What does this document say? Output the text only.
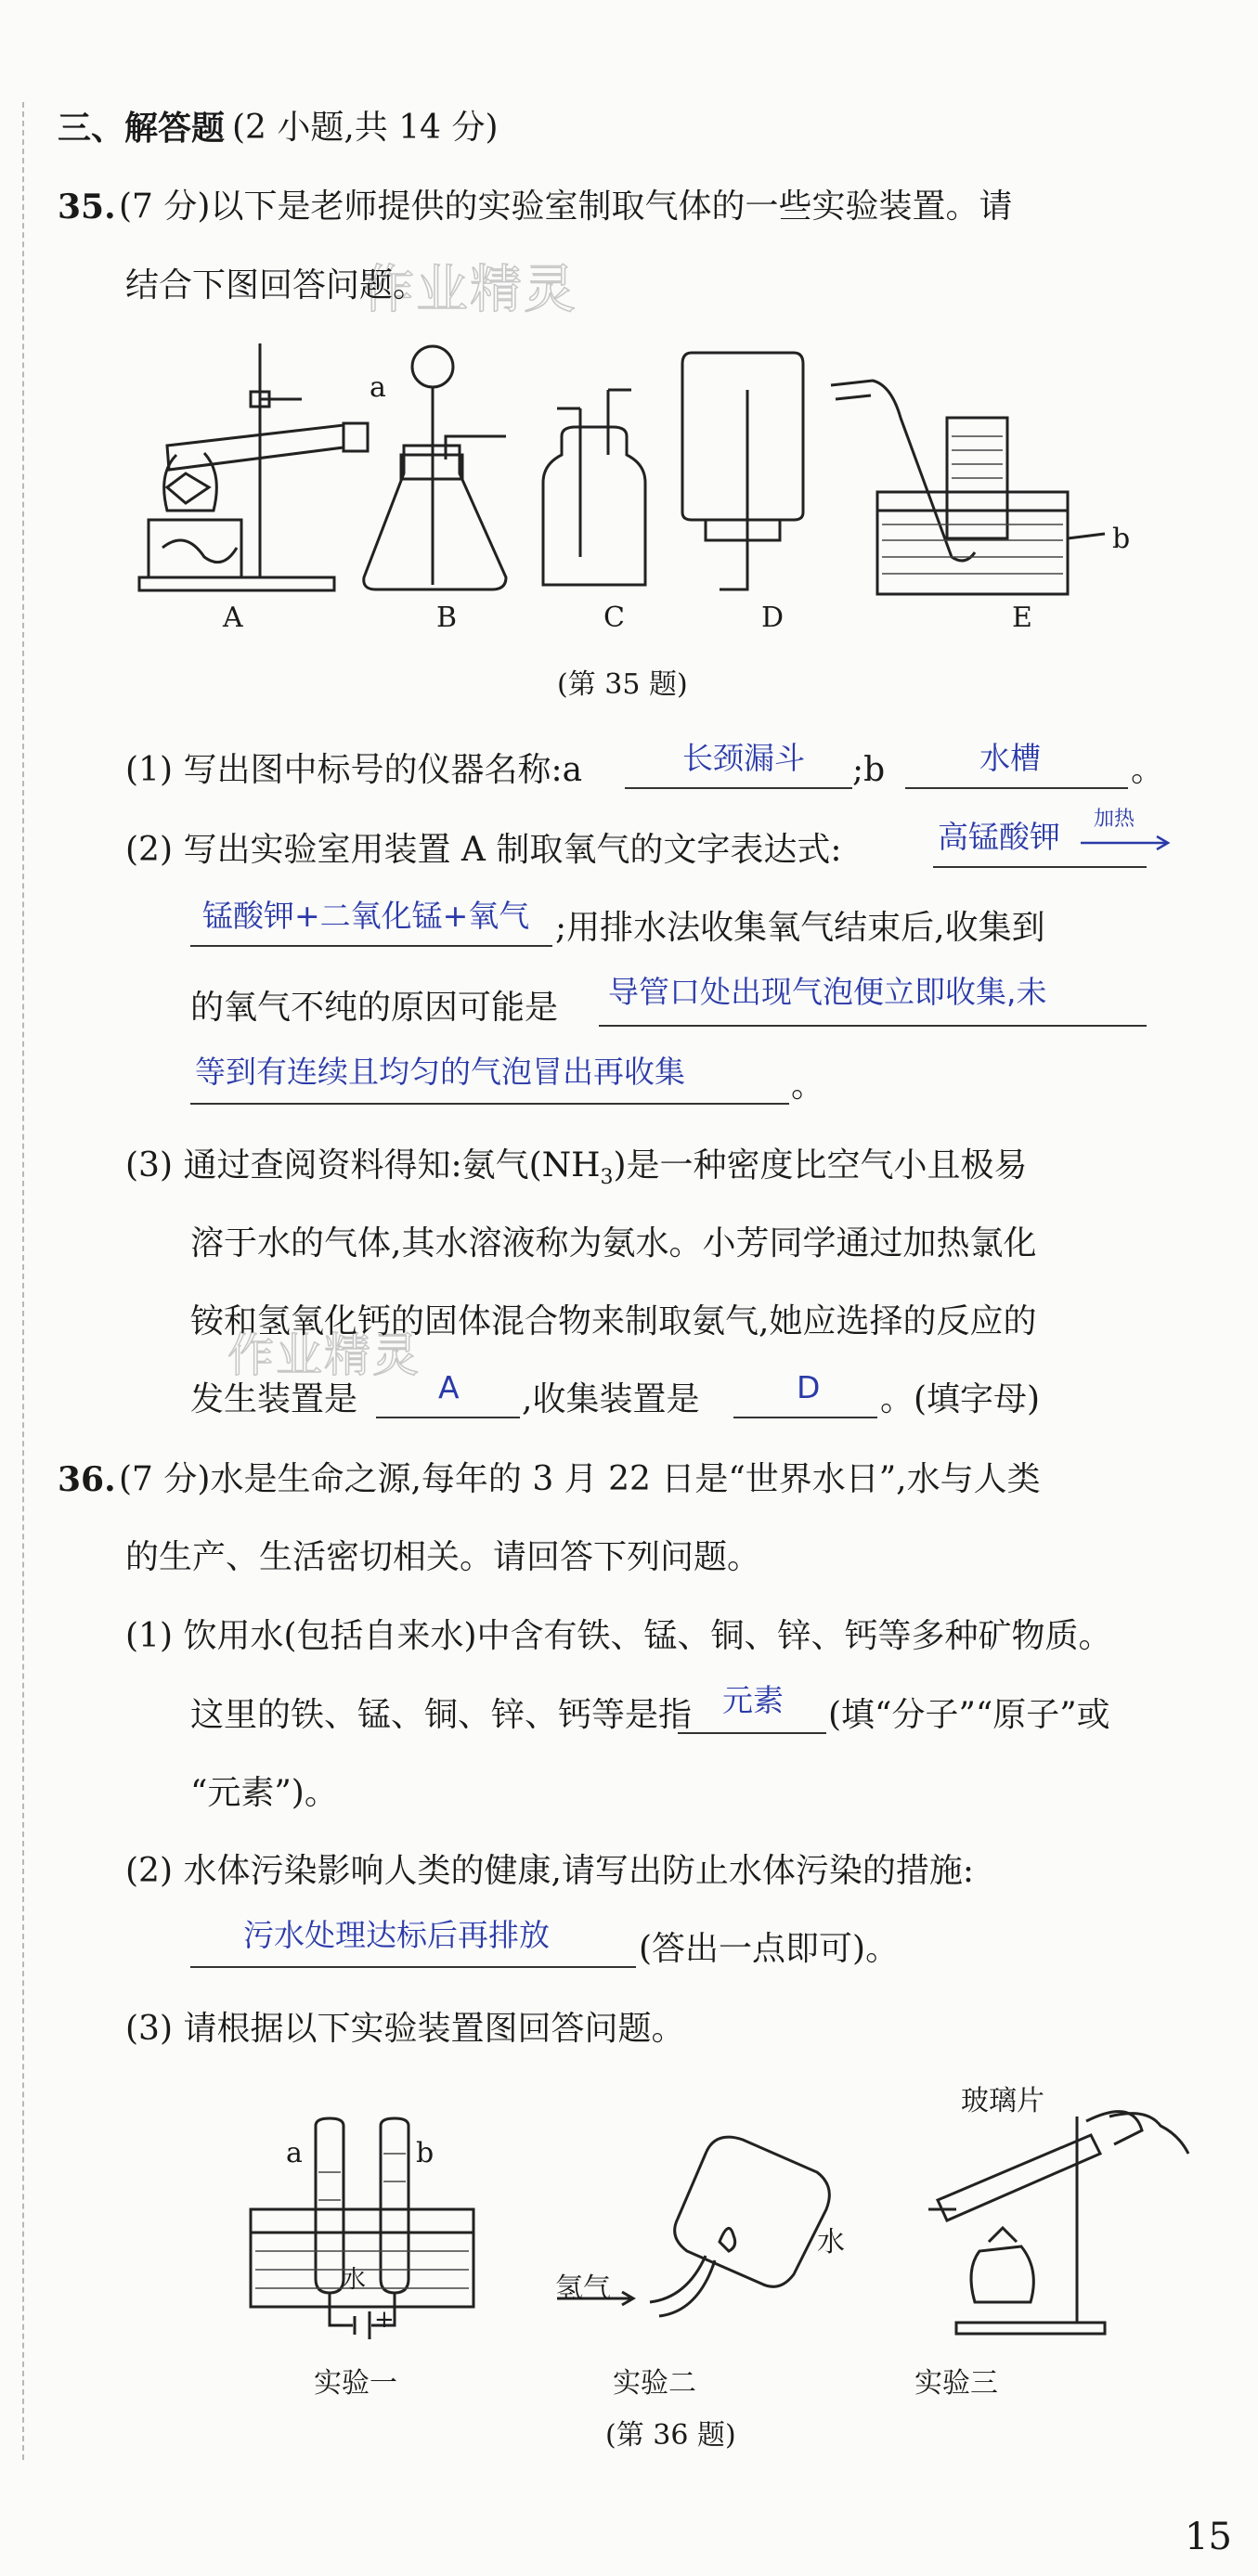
作业精灵
作业精灵
三、解答题 (2 小题,共 14 分)
35. (7 分)以下是老师提供的实验室制取气体的一些实验装置。请
结合下图回答问题。
a
b
A	B	C	D	E
(第 35 题)
(1) 写出图中标号的仪器名称:a	长颈漏斗 ;b	水槽	。
(2) 写出实验室用装置 A 制取氧气的文字表达式:	高锰酸钾 加热
锰酸钾+二氧化锰+氧气 ;用排水法收集氧气结束后,收集到
的氧气不纯的原因可能是 导管口处出现气泡便立即收集,未
等到有连续且均匀的气泡冒出再收集	。
(3) 通过查阅资料得知:氨气$(NH_3)$是一种密度比空气小且极易
溶于水的气体,其水溶液称为氨水。小芳同学通过加热氯化
铵和氢氧化钙的固体混合物来制取氨气,她应选择的反应的
发生装置是	A ,收集装置是	D 。(填字母)
36. (7 分)水是生命之源,每年的 3 月 22 日是“世界水日”,水与人类
的生产、生活密切相关。请回答下列问题。
(1) 饮用水(包括自来水)中含有铁、锰、铜、锌、钙等多种矿物质。
这里的铁、锰、铜、锌、钙等是指 元素 (填“分子”“原子”或
“元素”)。
(2) 水体污染影响人类的健康,请写出防止水体污染的措施:
污水处理达标后再排放	(答出一点即可)。
(3) 请根据以下实验装置图回答问题。
玻璃片
水
水	氢气
a	b
− +
实验一	实验二	实验三
(第 36 题)
15
